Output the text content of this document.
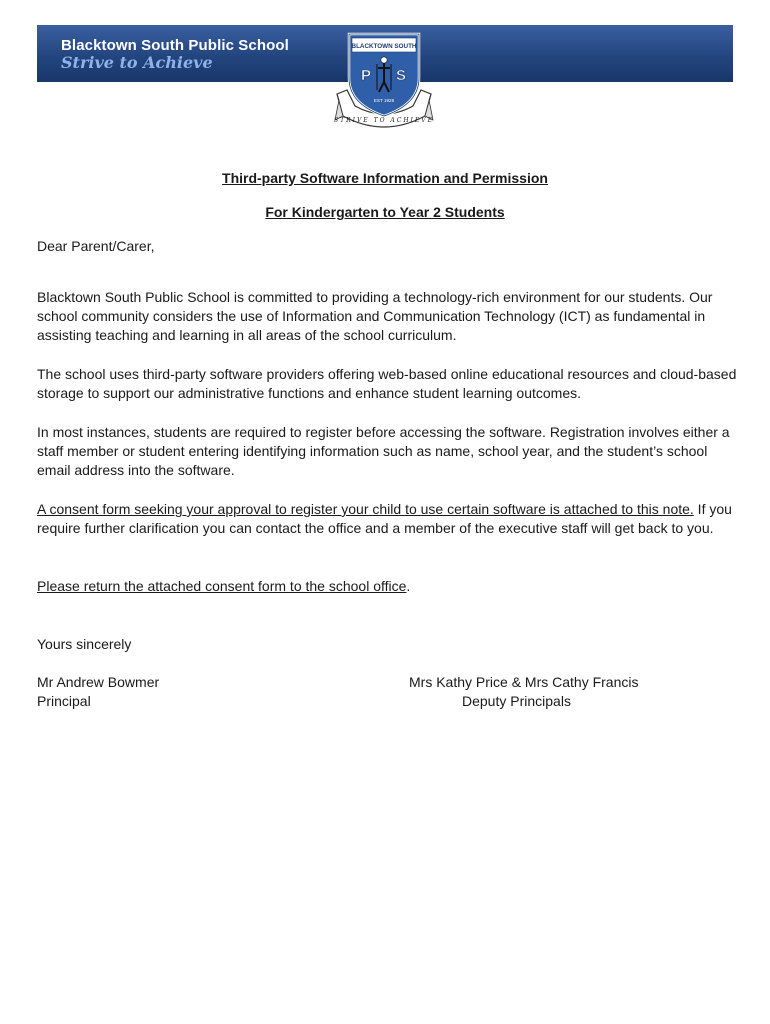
Blacktown South Public School
Strive to Achieve
BLACKTOWN SOUTH
P S
EST 1926
STRIVE TO ACHIEVE
Third-party Software Information and Permission
For Kindergarten to Year 2 Students

Dear Parent/Carer,

Blacktown South Public School is committed to providing a technology-rich environment for our students. Our school community considers the use of Information and Communication Technology (ICT) as fundamental in assisting teaching and learning in all areas of the school curriculum.

The school uses third-party software providers offering web-based online educational resources and cloud-based storage to support our administrative functions and enhance student learning outcomes.

In most instances, students are required to register before accessing the software. Registration involves either a staff member or student entering identifying information such as name, school year, and the student’s school email address into the software.

A consent form seeking your approval to register your child to use certain software is attached to this note. If you require further clarification you can contact the office and a member of the executive staff will get back to you.

Please return the attached consent form to the school office.

Yours sincerely
Mr Andrew Bowmer
Principal
Mrs Kathy Price & Mrs Cathy Francis
Deputy Principals
